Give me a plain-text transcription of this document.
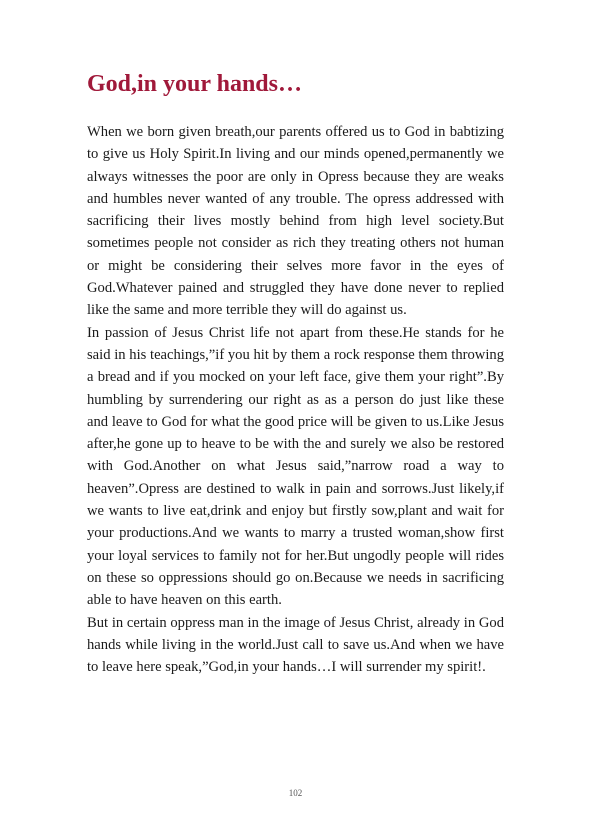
God,in your hands…

When we born given breath,our parents offered us to God in babtizing to give us Holy Spirit.In living and our minds opened,permanently we always witnesses the poor are only in Opress because they are weaks and humbles never wanted of any trouble. The opress addressed with sacrificing their lives mostly behind from high level society.But sometimes people not consider as rich they treating others not human or might be considering their selves more favor in the eyes of God.Whatever pained and struggled they have done never to replied like the same and more terrible they will do against us.

In passion of Jesus Christ life not apart from these.He stands for he said in his teachings,”if you hit by them a rock response them throwing a bread and if you mocked on your left face, give them your right”.By humbling by surrendering our right as as a person do just like these and leave to God for what the good price will be given to us.Like Jesus after,he gone up to heave to be with the and surely we also be restored with God.Another on what Jesus said,”narrow road a way to heaven”.Opress are destined to walk in pain and sorrows.Just likely,if we wants to live eat,drink and enjoy but firstly sow,plant and wait for your productions.And we wants to marry a trusted woman,show first your loyal services to family not for her.But ungodly people will rides on these so oppressions should go on.Because we needs in sacrificing able to have heaven on this earth.

But in certain oppress man in the image of Jesus Christ, already in God hands while living in the world.Just call to save us.And when we have to leave here speak,”God,in your hands…I will surrender my spirit!.

102
